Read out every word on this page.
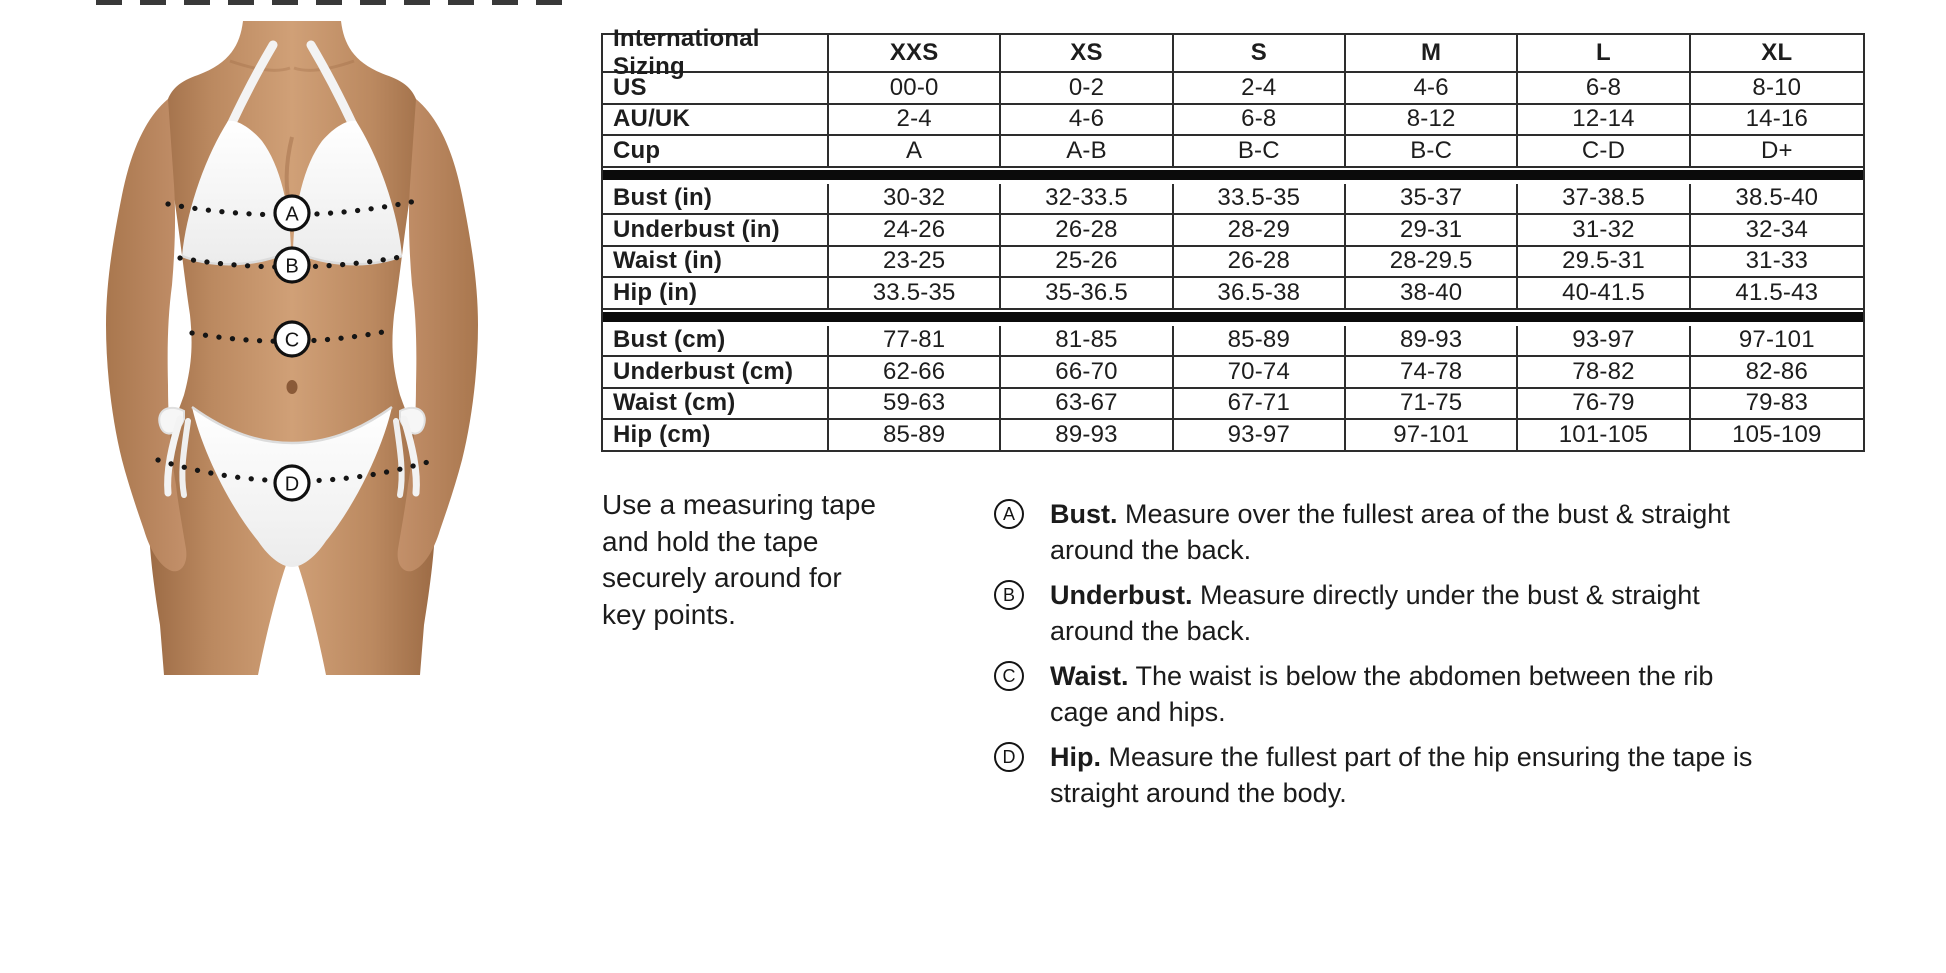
A
B
C
D
International Sizing
XXS	XS	S	M	L	XL
US	00-0	0-2	2-4	4-6	6-8	8-10
AU/UK	2-4	4-6	6-8	8-12	12-14	14-16
Cup	A	A-B	B-C	B-C	C-D	D+
Bust (in)	30-32	32-33.5	33.5-35	35-37	37-38.5	38.5-40
Underbust (in)	24-26	26-28	28-29	29-31	31-32	32-34
Waist (in)	23-25	25-26	26-28	28-29.5	29.5-31	31-33
Hip (in)	33.5-35	35-36.5	36.5-38	38-40	40-41.5	41.5-43
Bust (cm)	77-81	81-85	85-89	89-93	93-97	97-101
Underbust (cm)	62-66	66-70	70-74	74-78	78-82	82-86
Waist (cm)	59-63	63-67	67-71	71-75	76-79	79-83
Hip (cm)	85-89	89-93	93-97	97-101	101-105	105-109
Use a measuring tape
and hold the tape
securely around for
key points.
A	Bust. Measure over the fullest area of the bust & straight
around the back.
B	Underbust. Measure directly under the bust & straight
around the back.
C	Waist. The waist is below the abdomen between the rib
cage and hips.
D	Hip. Measure the fullest part of the hip ensuring the tape is
straight around the body.
